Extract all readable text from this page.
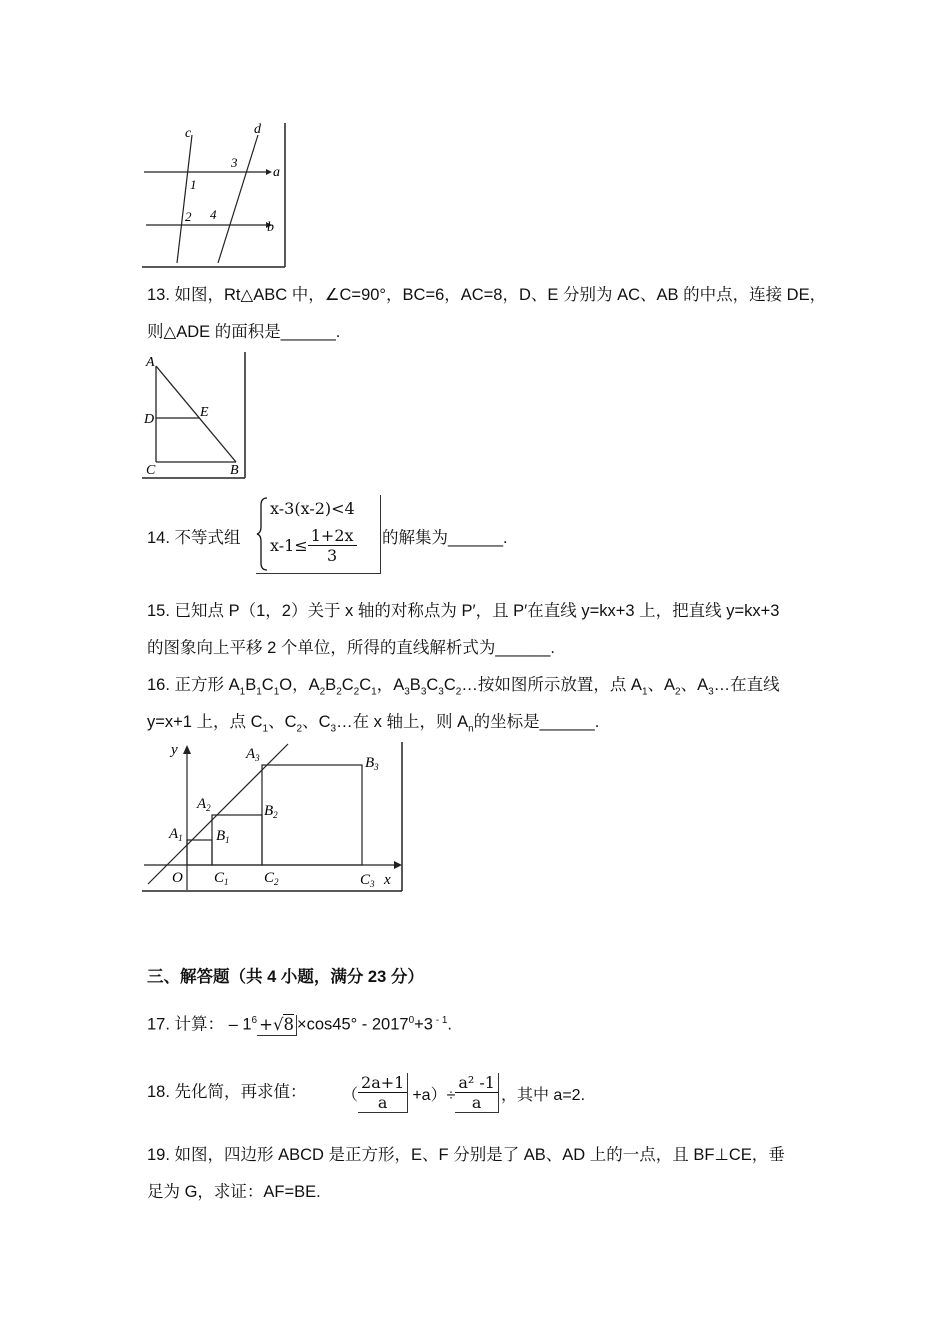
c	d
a
b
1
2
3
4
13. 如图，Rt△ABC 中，∠C=90°，BC=6，AC=8，D、E 分别为 AC、AB 的中点，连接 DE，
则△ADE 的面积是______.
A
D	E
C	B
14. 不等式组
x-3(x-2)<4
$x-1\le \frac{1+2x}{3}$ 的解集为______.
15. 已知点 P（1，2）关于 x 轴的对称点为 P′，且 P′在直线 y=kx+3 上，把直线 y=kx+3
的图象向上平移 2 个单位，所得的直线解析式为______.
16. 正方形 $A_1B_1C_1O$，$A_2B_2C_2C_1$，$A_3B_3C_3C_2\dots$按如图所示放置，点 $A_1$、$A_2$、$A_3\dots$在直线
y=x+1 上，点 $C_1$、$C_2$、$C_3\dots$在 x 轴上，则 $A_n$的坐标是______.
y
x
O
$A_1$
$A_2$
$A_3$
$B_1$
$B_2$
$B_3$
$C_1$ $C_2$	$C_3$
三、解答题（共 4 小题，满分 23 分）
17. 计算： – $1^6 +√8 \times\cos 45^\circ - 2017^0+3$ $^{- 1}$.
18. 先化简，再求值： （ $\frac{2a+1}{a} +a)\div \frac{\text{a² -1}}{a}$ ，其中 a=2.
19. 如图，四边形 ABCD 是正方形，E、F 分别是了 AB、AD 上的一点，且 BF⊥CE，垂
足为 G，求证：AF=BE.
